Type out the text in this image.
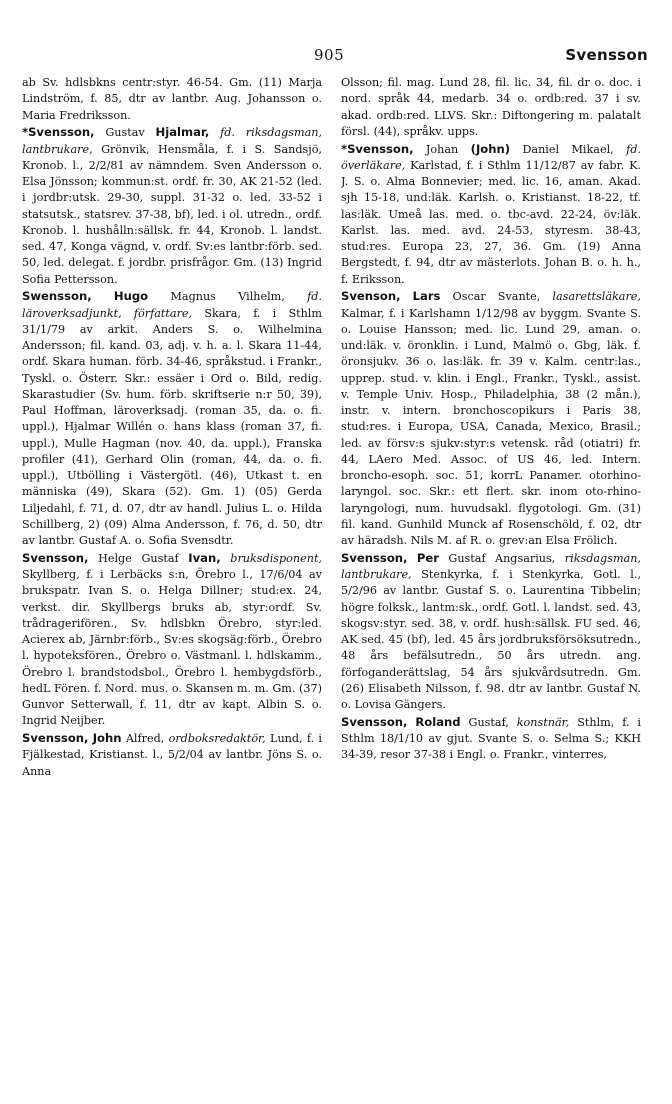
905	Svensson

ab Sv. hdlsbkns centr:styr. 46-54. Gm. (11) Marja Lindström, f. 85, dtr av lantbr. Aug. Johansson o. Maria Fredriksson.

*Svensson, Gustav Hjalmar, fd. riksdagsman, lantbrukare, Grönvik, Hensmåla, f. i S. Sandsjö, Kronob. l., 2/2/81 av nämndem. Sven Andersson o. Elsa Jönsson; kommun:st. ordf. fr. 30, AK 21-52 (led. i jordbr:utsk. 29-30, suppl. 31-32 o. led. 33-52 i statsutsk., statsrev. 37-38, bf), led. i ol. utredn., ordf. Kronob. l. hushålln:sällsk. fr. 44, Kronob. l. landst. sed. 47, Konga vägnd, v. ordf. Sv:es lantbr:förb. sed. 50, led. delegat. f. jordbr. prisfrågor. Gm. (13) Ingrid Sofia Pettersson.

Swensson, Hugo Magnus Vilhelm, fd. läroverksadjunkt, författare, Skara, f. i Sthlm 31/1/79 av arkit. Anders S. o. Wilhelmina Andersson; fil. kand. 03, adj. v. h. a. l. Skara 11-44, ordf. Skara human. förb. 34-46, språkstud. i Frankr., Tyskl. o. Österr. Skr.: essäer i Ord o. Bild, redig. Skarastudier (Sv. hum. förb. skriftserie n:r 50, 39), Paul Hoffman, läroverksadj. (roman 35, da. o. fi. uppl.), Hjalmar Willén o. hans klass (roman 37, fi. uppl.), Mulle Hagman (nov. 40, da. uppl.), Franska profiler (41), Gerhard Olin (roman, 44, da. o. fi. uppl.), Utbölling i Västergötl. (46), Utkast t. en människa (49), Skara (52). Gm. 1) (05) Gerda Liljedahl, f. 71, d. 07, dtr av handl. Julius L. o. Hilda Schillberg, 2) (09) Alma Andersson, f. 76, d. 50, dtr av lantbr. Gustaf A. o. Sofia Svensdtr.

Svensson, Helge Gustaf Ivan, bruksdisponent, Skyllberg, f. i Lerbäcks s:n, Örebro l., 17/6/04 av brukspatr. Ivan S. o. Helga Dillner; stud:ex. 24, verkst. dir. Skyllbergs bruks ab, styr:ordf. Sv. trådragerifören., Sv. hdlsbkn Örebro, styr:led. Acierex ab, Järnbr:förb., Sv:es skogsäg:förb., Örebro l. hypoteksfören., Örebro o. Västmanl. l. hdlskamm., Örebro l. brandstodsbol., Örebro l. hembygdsförb., hedL Fören. f. Nord. mus. o. Skansen m. m. Gm. (37) Gunvor Setterwall, f. 11, dtr av kapt. Albin S. o. Ingrid Neijber.

Svensson, John Alfred, ordboksredaktör, Lund, f. i Fjälkestad, Kristianst. l., 5/2/04 av lantbr. Jöns S. o. Anna

Olsson; fil. mag. Lund 28, fil. lic. 34, fil. dr o. doc. i nord. språk 44, medarb. 34 o. ordb:red. 37 i sv. akad. ordb:red. LLVS. Skr.: Diftongering m. palatalt försl. (44), språkv. upps.

*Svensson, Johan (John) Daniel Mikael, fd. överläkare, Karlstad, f. i Sthlm 11/12/87 av fabr. K. J. S. o. Alma Bonnevier; med. lic. 16, aman. Akad. sjh 15-18, und:läk. Karlsh. o. Kristianst. 18-22, tf. las:läk. Umeå las. med. o. tbc-avd. 22-24, öv:läk. Karlst. las. med. avd. 24-53, styresm. 38-43, stud:res. Europa 23, 27, 36. Gm. (19) Anna Bergstedt, f. 94, dtr av mästerlots. Johan B. o. h. h., f. Eriksson.

Svenson, Lars Oscar Svante, lasarettsläkare, Kalmar, f. i Karlshamn 1/12/98 av byggm. Svante S. o. Louise Hansson; med. lic. Lund 29, aman. o. und:läk. v. öronklin. i Lund, Malmö o. Gbg, läk. f. öronsjukv. 36 o. las:läk. fr. 39 v. Kalm. centr:las., upprep. stud. v. klin. i Engl., Frankr., Tyskl., assist. v. Temple Univ. Hosp., Philadelphia, 38 (2 mån.), instr. v. intern. bronchoscopikurs i Paris 38, stud:res. i Europa, USA, Canada, Mexico, Brasil.; led. av försv:s sjukv:styr:s vetensk. råd (otiatri) fr. 44, LAero Med. Assoc. of US 46, led. Intern. broncho-esoph. soc. 51, korrL Panamer. otorhino-laryngol. soc. Skr.: ett flert. skr. inom oto-rhino-laryngologi, num. huvudsakl. flygotologi. Gm. (31) fil. kand. Gunhild Munck af Rosenschöld, f. 02, dtr av häradsh. Nils M. af R. o. grev:an Elsa Frölich.

Svensson, Per Gustaf Angsarius, riksdagsman, lantbrukare, Stenkyrka, f. i Stenkyrka, Gotl. l., 5/2/96 av lantbr. Gustaf S. o. Laurentina Tibbelin; högre folksk., lantm:sk., ordf. Gotl. l. landst. sed. 43, skogsv:styr. sed. 38, v. ordf. hush:sällsk. FU sed. 46, AK sed. 45 (bf), led. 45 års jordbruksförsöksutredn., 48 års befälsutredn., 50 års utredn. ang. förfoganderättslag, 54 års sjukvårdsutredn. Gm. (26) Elisabeth Nilsson, f. 98. dtr av lantbr. Gustaf N. o. Lovisa Gängers.

Svensson, Roland Gustaf, konstnär, Sthlm, f. i Sthlm 18/1/10 av gjut. Svante S. o. Selma S.; KKH 34-39, resor 37-38 i Engl. o. Frankr., vinterres,
